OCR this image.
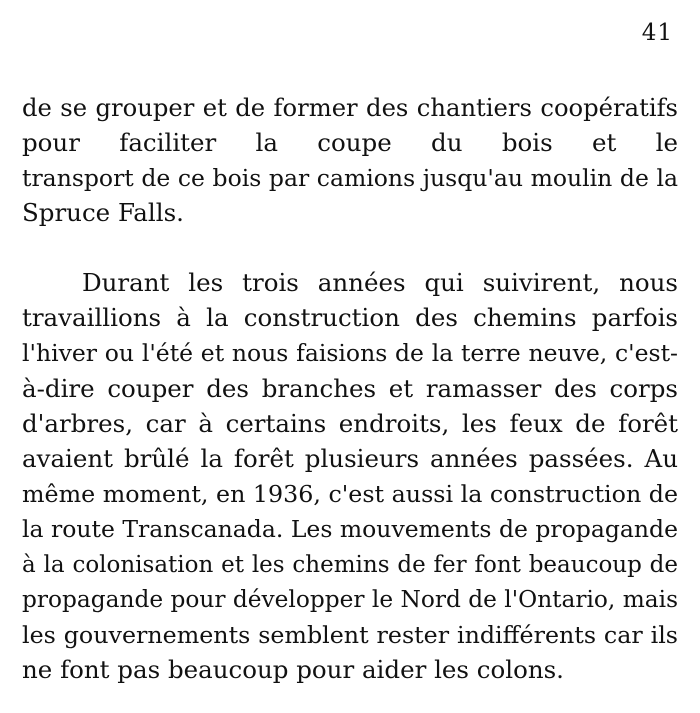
41
de se grouper et de former des chantiers coopératifs
pour faciliter la coupe du bois et le
transport de ce bois par camions jusqu'au moulin de la
Spruce Falls.
Durant les trois années qui suivirent, nous
travaillions à la construction des chemins parfois
l'hiver ou l'été et nous faisions de la terre neuve, c'est-
à-dire couper des branches et ramasser des corps
d'arbres, car à certains endroits, les feux de forêt
avaient brûlé la forêt plusieurs années passées. Au
même moment, en 1936, c'est aussi la construction de
la route Transcanada. Les mouvements de propagande
à la colonisation et les chemins de fer font beaucoup de
propagande pour développer le Nord de l'Ontario, mais
les gouvernements semblent rester indifférents car ils
ne font pas beaucoup pour aider les colons.
